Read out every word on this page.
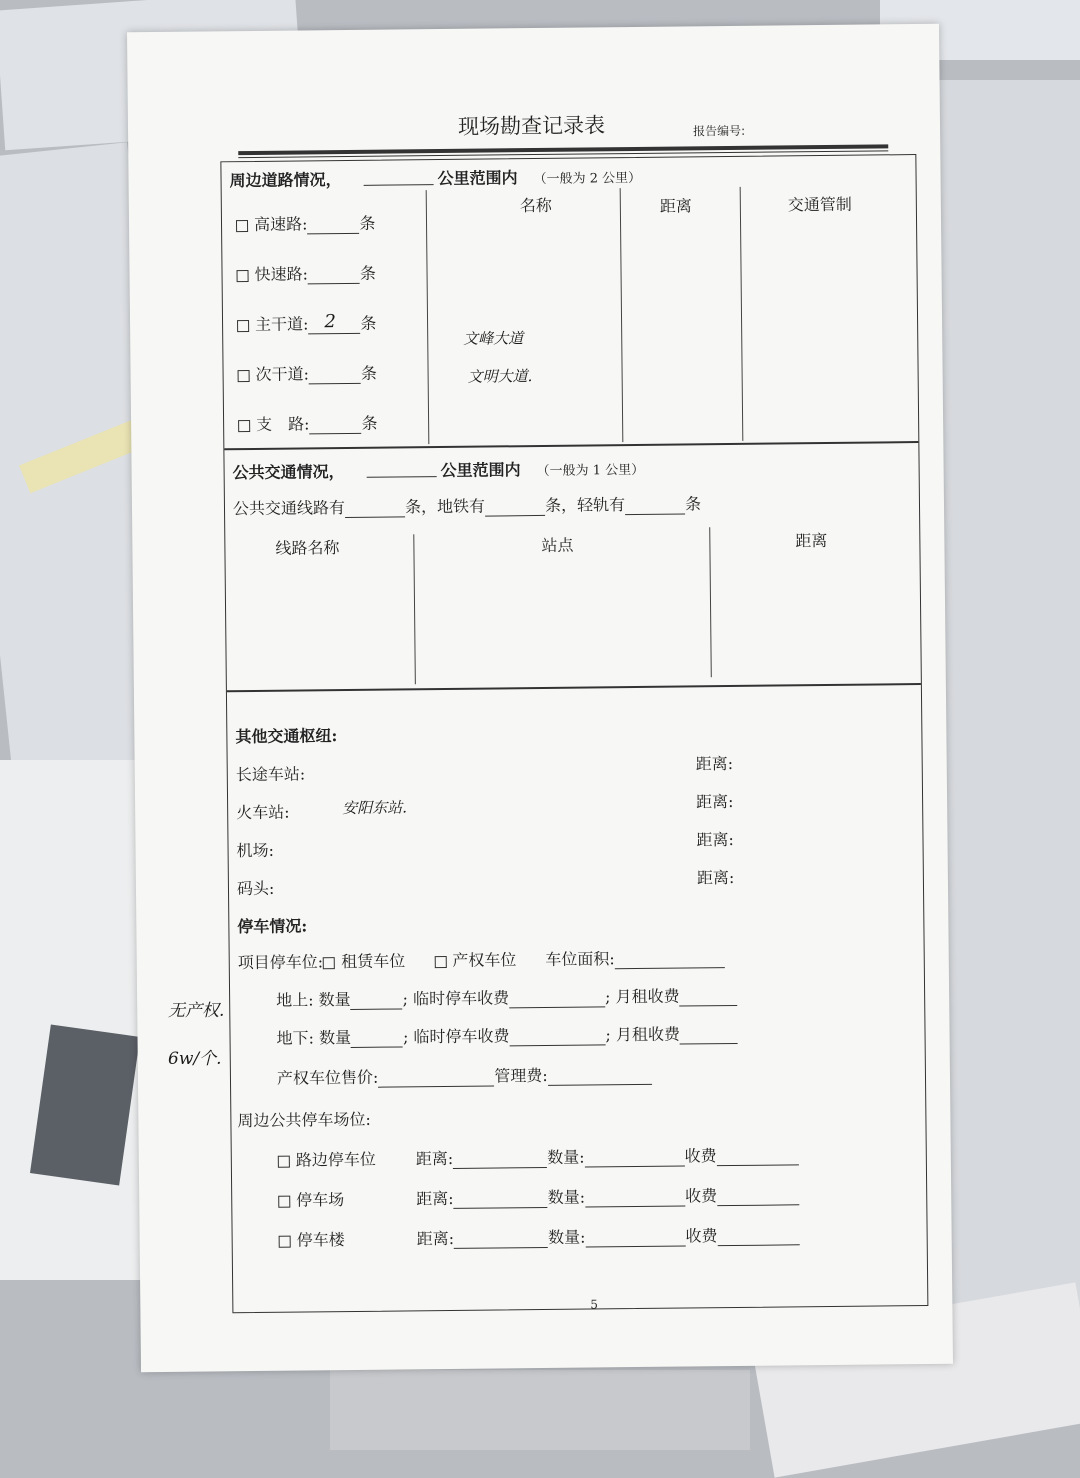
现场勘查记录表	报告编号:
周边道路情况，	公里范围内 （一般为 2 公里）
名称	距离	交通管制
高速路:	条
快速路:	条
主干道: 2 条
次干道:	条
支　路:	条
文峰大道
文明大道.
公共交通情况，	公里范围内 （一般为 1 公里）
公共交通线路有	条，地铁有	条，轻轨有	条
线路名称	站点	距离
其他交通枢纽:
长途车站:
距离:
火车站:	安阳东站.	距离:
机场:
距离:
码头:
距离:
停车情况:
项目停车位: 租赁车位	产权车位 车位面积:
地上: 数量	; 临时停车收费	; 月租收费
地下: 数量	; 临时停车收费	; 月租收费
产权车位售价:	管理费:
周边公共停车场位:
路边停车位 距离:	数量:	收费
停车场	距离:	数量:	收费
停车楼	距离:	数量:	收费
5
无产权.
6w/个.
